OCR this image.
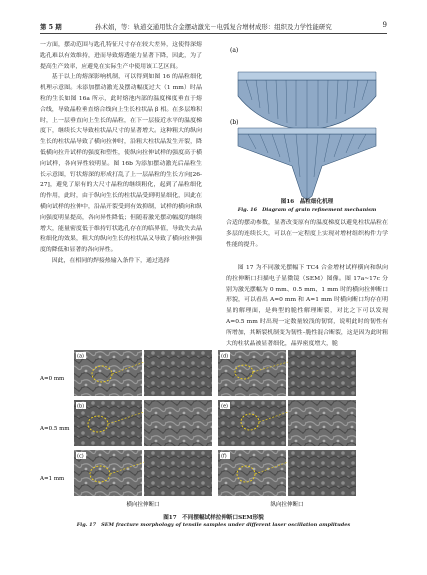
第 5 期	孙术娟，等：轨道交通用钛合金摆动激光－电弧复合增材成形：组织及力学性能研究	9

一方面，摆动范围与匙孔特征尺寸存在较大差异，这使得深熔匙孔难以有效维持，进而导致熔透能力显著下降，因此，为了提高生产效率，应避免在实际生产中使用该工艺区间。

基于以上的熔深影响机制，可以得到如图 16 的晶粒细化机理示意图。未添加摆动激光及摆动幅度过大（1 mm）时晶粒的生长如图 16a 所示，此时熔池内部的温度梯度垂直于熔合线，导致晶粒垂直熔合线向上生长柱状晶 β 相。在多层堆积时，上一层垂直向上生长的晶粒，在下一层接近水平的温度梯度下，继续长大导致柱状晶尺寸的显著增大。这种粗大的纵向生长的柱状晶导致了横向拉伸时，沿粗大柱状晶发生开裂，降低横向拉升试样的强度和塑性，使纵向拉伸试样的强度高于横向试样，各向异性较明显。图 16b 为添加摆动激光后晶粒生长示意图，钉状熔深的形成打乱了上一层晶粒的生长方向[26-27]，避免了原有的大尺寸晶粒的继续粗化，起到了晶粒细化的作用，此时，由于纵向生长的柱状晶受到明显细化，因此在横向试样的拉伸中，沿晶开裂受到有效抑制，试样的横向和纵向强度明显提高，各向异性降低；但随着激光摆动幅度的继续增大，能量密度低于维持钉状匙孔存在的临界值，导致失去晶粒细化的效果，粗大的纵向生长的柱状晶又导致了横向拉伸强度的降低和显著的各向异性。

因此，在相同的焊接热输入条件下，通过选择

(a)
(b)
图16　晶粒细化机理
Fig. 16　Diagram of grain refinement mechanism

合适的摆动参数，显著改变原有的温度梯度以避免柱状晶粒在多层的连续长大，可以在一定程度上实现对增材组织构件力学性能的提升。

图 17 为不同激光摆幅下 TC4 合金增材试样横向和纵向的拉伸断口扫描电子显微镜（SEM）图像。图 17a~17c 分别为激光摆幅为 0 mm、0.5 mm、1 mm 时的横向拉伸断口形貌，可以看出 A=0 mm 和 A=1 mm 时横向断口均存在明显的解理面，是典型的脆性解理断裂，对比之下可以发现 A=0.5 mm 时出现一定数量较浅的韧窝，说明此时的韧性有所增加，其断裂机制变为韧性–脆性混合断裂，这是因为此时粗大的柱状晶被显著细化，晶界密度增大，脆

A=0 mm
A=0.5 mm
A=1 mm
(a)	(d)
(b)	(e)
(c)	(f)
横向拉伸断口	纵向拉伸断口
图17　不同摆幅试样拉伸断口SEM形貌
Fig. 17　SEM fracture morphology of tensile samples under different laser oscillation amplitudes
